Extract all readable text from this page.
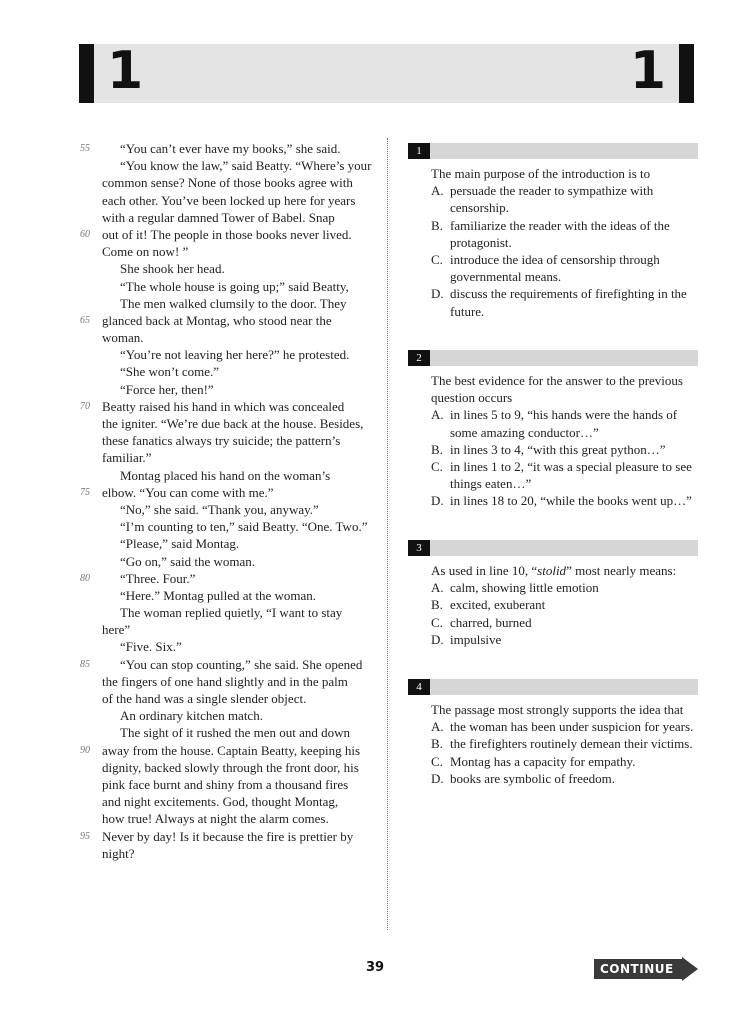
1	1
55	“You can’t ever have my books,” she said.
“You know the law,” said Beatty. “Where’s your
common sense? None of those books agree with
each other. You’ve been locked up here for years
with a regular damned Tower of Babel. Snap
60 out of it! The people in those books never lived.
Come on now! ”
She shook her head.
“The whole house is going up;” said Beatty,
The men walked clumsily to the door. They
65 glanced back at Montag, who stood near the
woman.
“You’re not leaving her here?” he protested.
“She won’t come.”
“Force her, then!”
70 Beatty raised his hand in which was concealed
the igniter. “We’re due back at the house. Besides,
these fanatics always try suicide; the pattern’s
familiar.”
Montag placed his hand on the woman’s
75 elbow. “You can come with me.”
“No,” she said. “Thank you, anyway.”
“I’m counting to ten,” said Beatty. “One. Two.”
“Please,” said Montag.
“Go on,” said the woman.
80	“Three. Four.”
“Here.” Montag pulled at the woman.
The woman replied quietly, “I want to stay
here”
“Five. Six.”
85	“You can stop counting,” she said. She opened
the fingers of one hand slightly and in the palm
of the hand was a single slender object.
An ordinary kitchen match.
The sight of it rushed the men out and down
90 away from the house. Captain Beatty, keeping his
dignity, backed slowly through the front door, his
pink face burnt and shiny from a thousand fires
and night excitements. God, thought Montag,
how true! Always at night the alarm comes.
95 Never by day! Is it because the fire is prettier by
night?
1
The main purpose of the introduction is to
A. persuade the reader to sympathize with censorship.
B. familiarize the reader with the ideas of the protagonist.
C. introduce the idea of censorship through governmental means.
D. discuss the requirements of firefighting in the future.
2
The best evidence for the answer to the previous question occurs
A. in lines 5 to 9, “his hands were the hands of some amazing conductor…”
B. in lines 3 to 4, “with this great python…”
C. in lines 1 to 2, “it was a special pleasure to see things eaten…”
D. in lines 18 to 20, “while the books went up…”
3
As used in line 10, “stolid” most nearly means:
A. calm, showing little emotion
B. excited, exuberant
C. charred, burned
D. impulsive
4
The passage most strongly supports the idea that
A. the woman has been under suspicion for years.
B. the firefighters routinely demean their victims.
C. Montag has a capacity for empathy.
D. books are symbolic of freedom.
39	CONTINUE
